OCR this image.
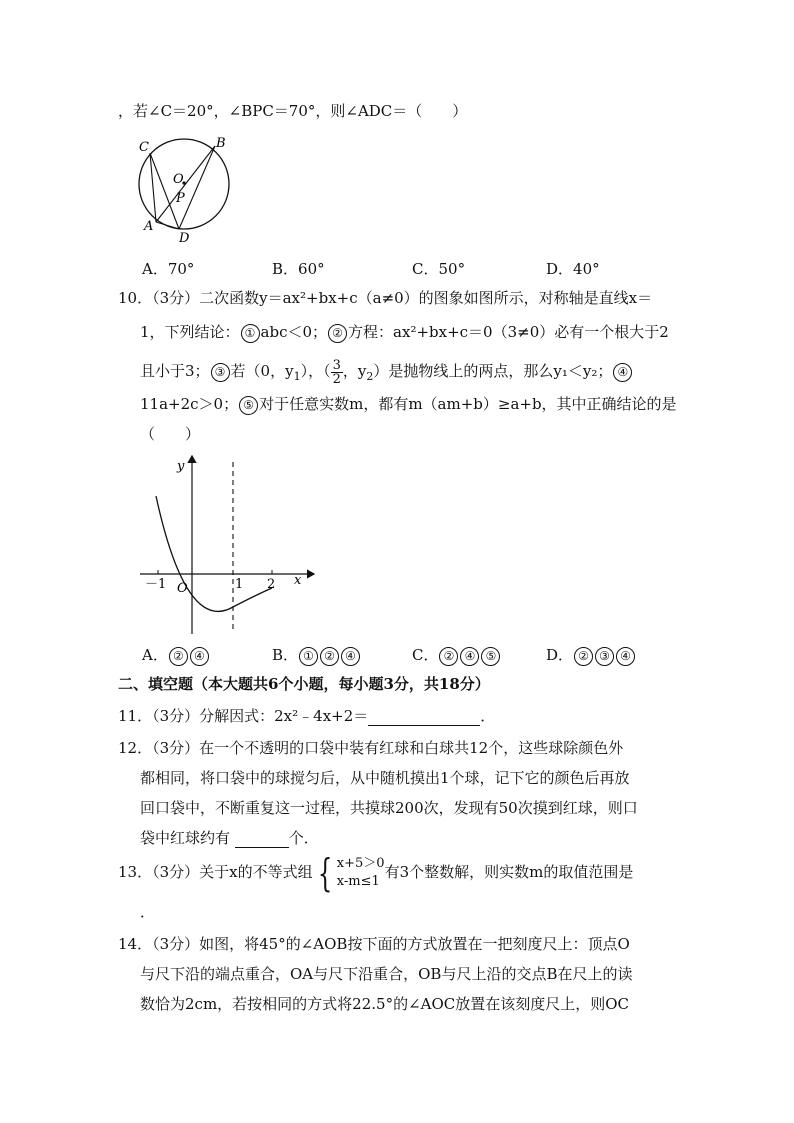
，若∠C＝20°，∠BPC＝70°，则∠ADC＝（　　）
C	B
O
P
A
D
A．70°	B．60°	C．50°	D．40°
10．（3分）二次函数y＝ax²+bx+c（a≠0）的图象如图所示，对称轴是直线x＝
1，下列结论： ① abc＜0； ② 方程：ax²+bx+c＝0（3≠0）必有一个根大于2
且小于3； ③ 若（0，$y_1$），（ $\frac{3}{2}$ ，$y_2$）是抛物线上的两点，那么y₁＜y₂； ④
11a+2c＞0； ⑤ 对于任意实数m，都有m（am+b）≥a+b，其中正确结论的是
（　　）
y
x
O
－1	1 2
A． ② ④	B． ① ② ④	C． ② ④ ⑤	D． ② ③ ④
二、填空题（本大题共6个小题，每小题3分，共18分）
11．（3分）分解因式：2x²﹣4x+2＝	．
12．（3分）在一个不透明的口袋中装有红球和白球共12个，这些球除颜色外
都相同，将口袋中的球搅匀后，从中随机摸出1个球，记下它的颜色后再放
回口袋中，不断重复这一过程，共摸球200次，发现有50次摸到红球，则口
袋中红球约有	个．
13．（3分）关于x的不等式组 { x+5＞0
x-m≤1
有3个整数解，则实数m的取值范围是
．
14．（3分）如图，将45°的∠AOB按下面的方式放置在一把刻度尺上：顶点O
与尺下沿的端点重合，OA与尺下沿重合，OB与尺上沿的交点B在尺上的读
数恰为2cm，若按相同的方式将22.5°的∠AOC放置在该刻度尺上，则OC
